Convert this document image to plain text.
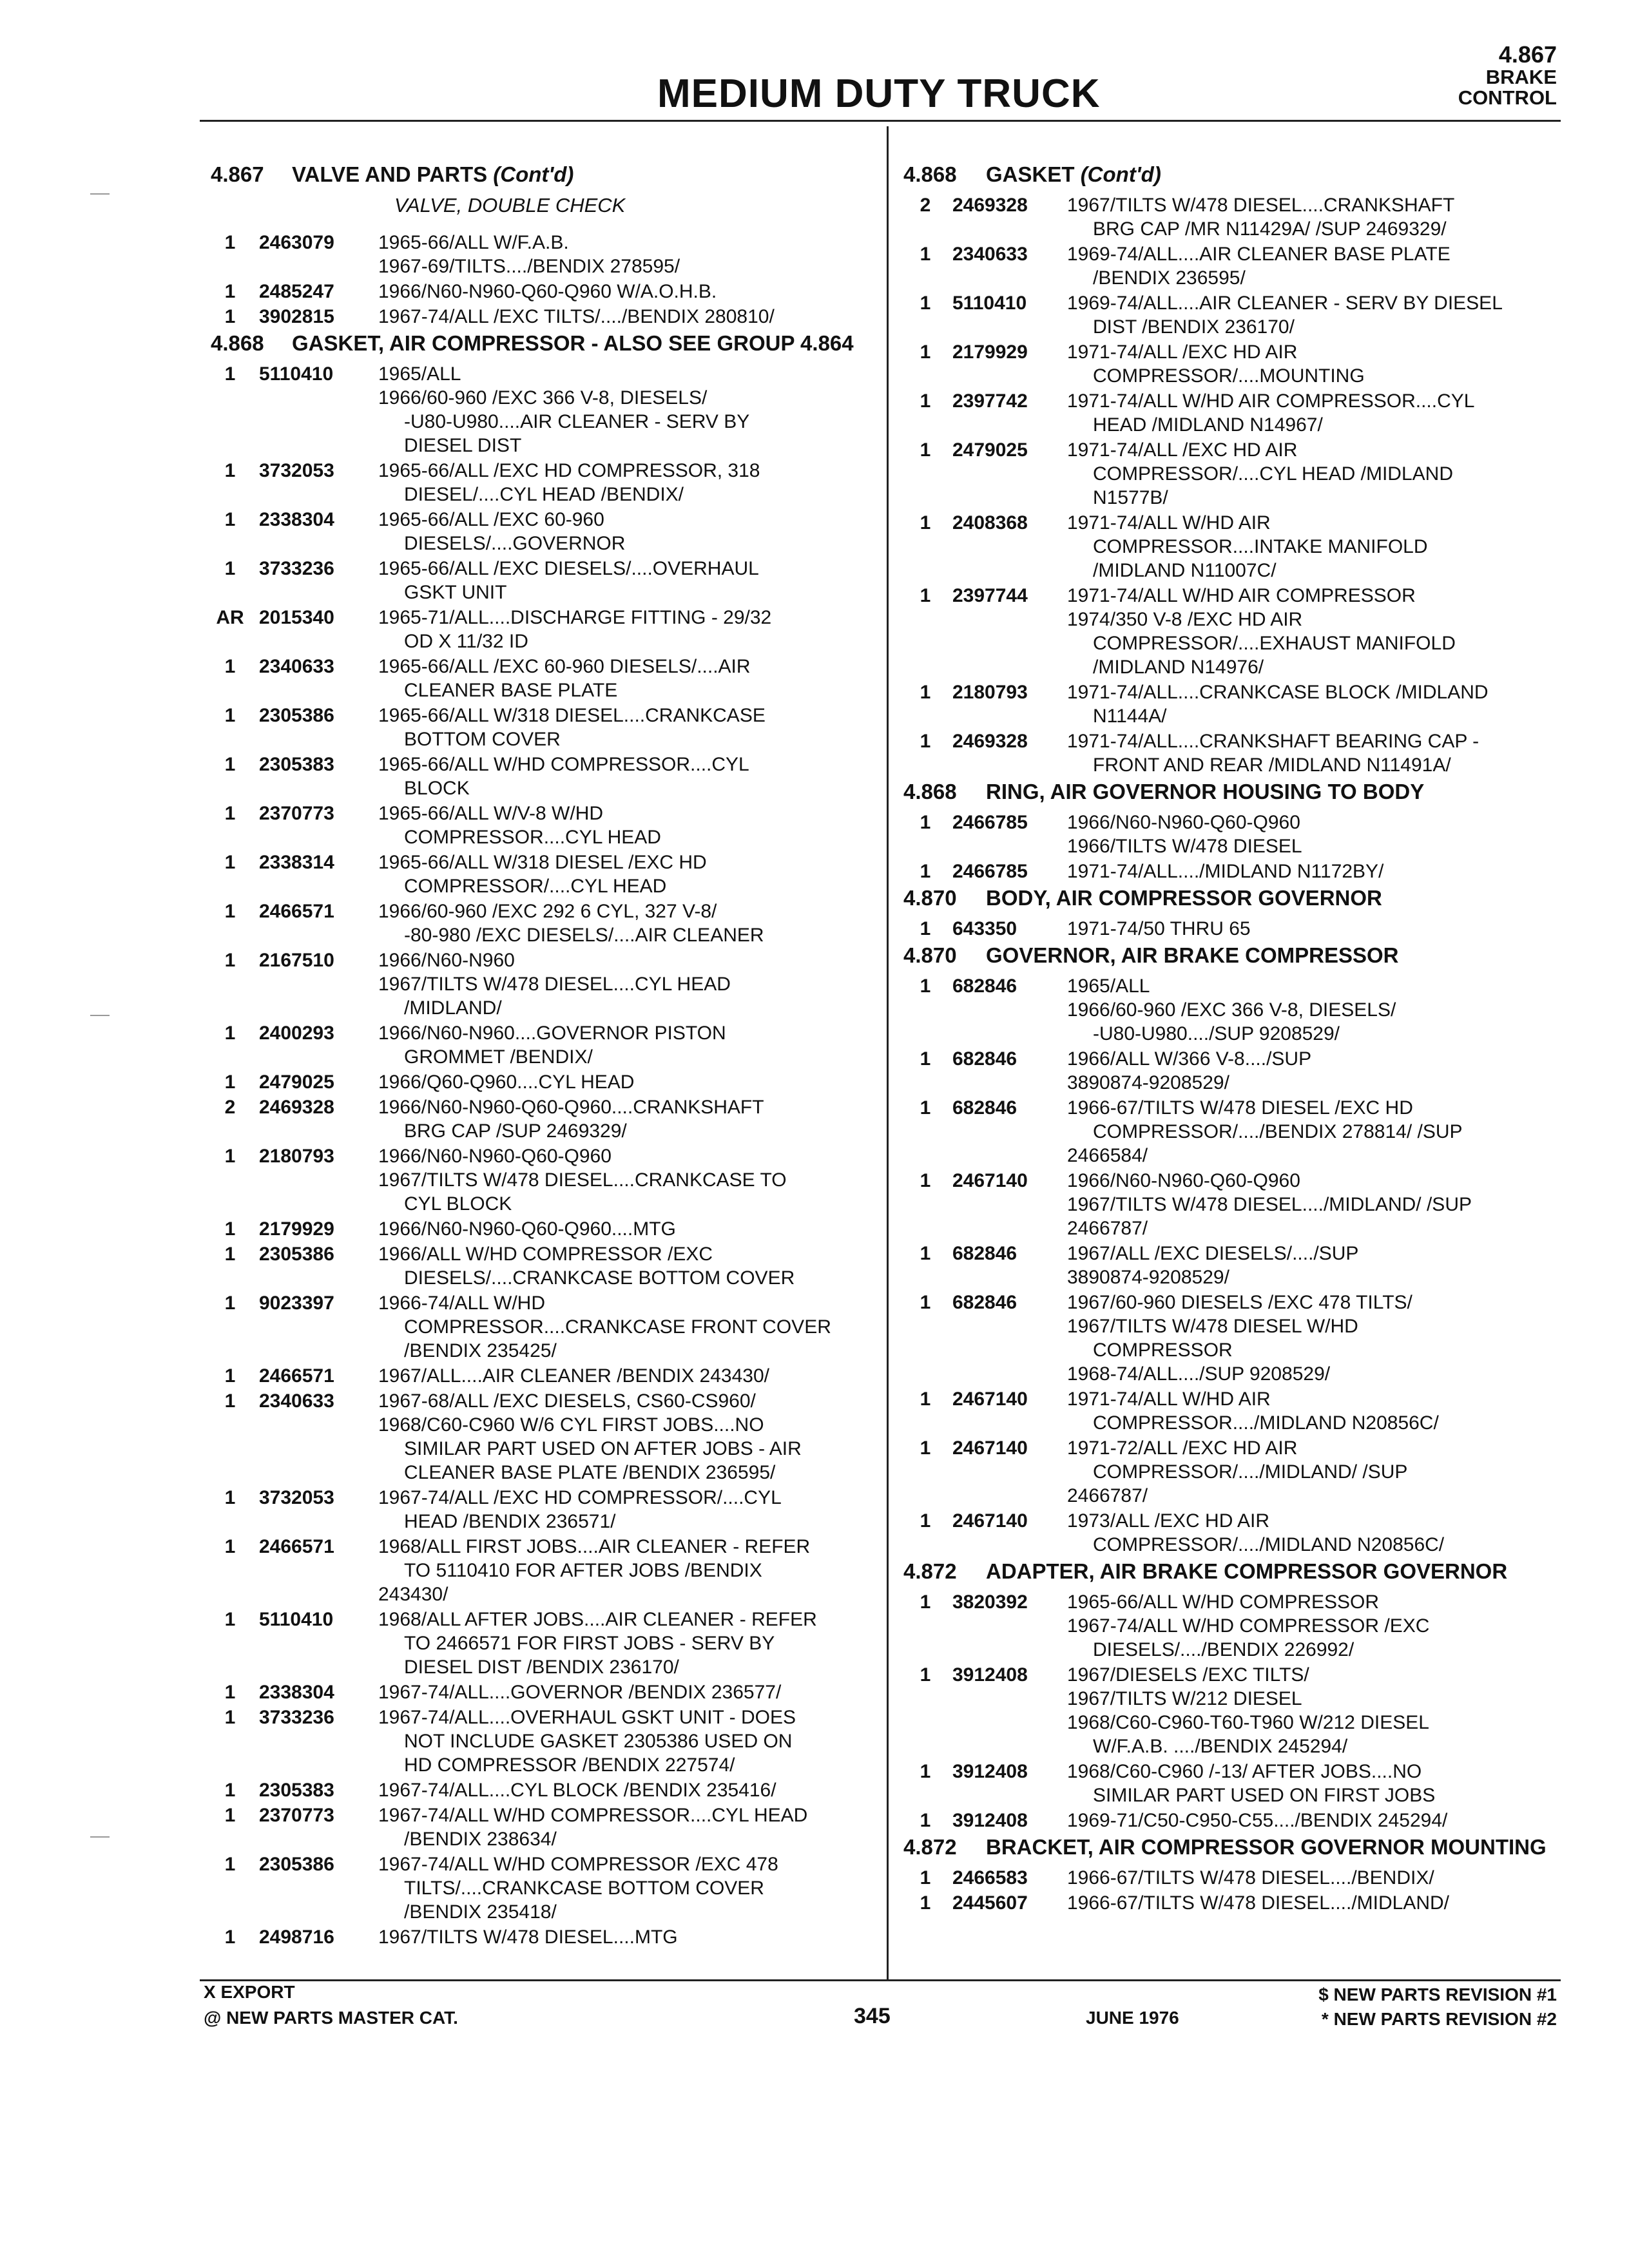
MEDIUM DUTY TRUCK
4.867
BRAKE
CONTROL
4.867	VALVE AND PARTS (Cont'd)
VALVE, DOUBLE CHECK
1	2463079	1965-66/ALL W/F.A.B.
1967-69/TILTS..../BENDIX 278595/
1	2485247	1966/N60-N960-Q60-Q960 W/A.O.H.B.
1	3902815	1967-74/ALL /EXC TILTS/..../BENDIX 280810/
4.868	GASKET, AIR COMPRESSOR - ALSO SEE GROUP 4.864
1	5110410	1965/ALL
1966/60-960 /EXC 366 V-8, DIESELS/
-U80-U980....AIR CLEANER - SERV BY
DIESEL DIST
1	3732053	1965-66/ALL /EXC HD COMPRESSOR, 318
DIESEL/....CYL HEAD /BENDIX/
1	2338304	1965-66/ALL /EXC 60-960
DIESELS/....GOVERNOR
1	3733236	1965-66/ALL /EXC DIESELS/....OVERHAUL
GSKT UNIT
AR 2015340	1965-71/ALL....DISCHARGE FITTING - 29/32
OD X 11/32 ID
1	2340633	1965-66/ALL /EXC 60-960 DIESELS/....AIR
CLEANER BASE PLATE
1	2305386	1965-66/ALL W/318 DIESEL....CRANKCASE
BOTTOM COVER
1	2305383	1965-66/ALL W/HD COMPRESSOR....CYL
BLOCK
1	2370773	1965-66/ALL W/V-8 W/HD
COMPRESSOR....CYL HEAD
1	2338314	1965-66/ALL W/318 DIESEL /EXC HD
COMPRESSOR/....CYL HEAD
1	2466571	1966/60-960 /EXC 292 6 CYL, 327 V-8/
-80-980 /EXC DIESELS/....AIR CLEANER
1	2167510	1966/N60-N960
1967/TILTS W/478 DIESEL....CYL HEAD
/MIDLAND/
1	2400293	1966/N60-N960....GOVERNOR PISTON
GROMMET /BENDIX/
1	2479025	1966/Q60-Q960....CYL HEAD
2	2469328	1966/N60-N960-Q60-Q960....CRANKSHAFT
BRG CAP /SUP 2469329/
1	2180793	1966/N60-N960-Q60-Q960
1967/TILTS W/478 DIESEL....CRANKCASE TO
CYL BLOCK
1	2179929	1966/N60-N960-Q60-Q960....MTG
1	2305386	1966/ALL W/HD COMPRESSOR /EXC
DIESELS/....CRANKCASE BOTTOM COVER
1	9023397	1966-74/ALL W/HD
COMPRESSOR....CRANKCASE FRONT COVER
/BENDIX 235425/
1	2466571	1967/ALL....AIR CLEANER /BENDIX 243430/
1	2340633	1967-68/ALL /EXC DIESELS, CS60-CS960/
1968/C60-C960 W/6 CYL FIRST JOBS....NO
SIMILAR PART USED ON AFTER JOBS - AIR
CLEANER BASE PLATE /BENDIX 236595/
1	3732053	1967-74/ALL /EXC HD COMPRESSOR/....CYL
HEAD /BENDIX 236571/
1	2466571	1968/ALL FIRST JOBS....AIR CLEANER - REFER
TO 5110410 FOR AFTER JOBS /BENDIX
243430/
1	5110410	1968/ALL AFTER JOBS....AIR CLEANER - REFER
TO 2466571 FOR FIRST JOBS - SERV BY
DIESEL DIST /BENDIX 236170/
1	2338304	1967-74/ALL....GOVERNOR /BENDIX 236577/
1	3733236	1967-74/ALL....OVERHAUL GSKT UNIT - DOES
NOT INCLUDE GASKET 2305386 USED ON
HD COMPRESSOR /BENDIX 227574/
1	2305383	1967-74/ALL....CYL BLOCK /BENDIX 235416/
1	2370773	1967-74/ALL W/HD COMPRESSOR....CYL HEAD
/BENDIX 238634/
1	2305386	1967-74/ALL W/HD COMPRESSOR /EXC 478
TILTS/....CRANKCASE BOTTOM COVER
/BENDIX 235418/
1	2498716	1967/TILTS W/478 DIESEL....MTG
4.868	GASKET (Cont'd)
2	2469328	1967/TILTS W/478 DIESEL....CRANKSHAFT
BRG CAP /MR N11429A/ /SUP 2469329/
1	2340633	1969-74/ALL....AIR CLEANER BASE PLATE
/BENDIX 236595/
1	5110410	1969-74/ALL....AIR CLEANER - SERV BY DIESEL
DIST /BENDIX 236170/
1	2179929	1971-74/ALL /EXC HD AIR
COMPRESSOR/....MOUNTING
1	2397742	1971-74/ALL W/HD AIR COMPRESSOR....CYL
HEAD /MIDLAND N14967/
1	2479025	1971-74/ALL /EXC HD AIR
COMPRESSOR/....CYL HEAD /MIDLAND
N1577B/
1	2408368	1971-74/ALL W/HD AIR
COMPRESSOR....INTAKE MANIFOLD
/MIDLAND N11007C/
1	2397744	1971-74/ALL W/HD AIR COMPRESSOR
1974/350 V-8 /EXC HD AIR
COMPRESSOR/....EXHAUST MANIFOLD
/MIDLAND N14976/
1	2180793	1971-74/ALL....CRANKCASE BLOCK /MIDLAND
N1144A/
1	2469328	1971-74/ALL....CRANKSHAFT BEARING CAP -
FRONT AND REAR /MIDLAND N11491A/
4.868	RING, AIR GOVERNOR HOUSING TO BODY
1	2466785	1966/N60-N960-Q60-Q960
1966/TILTS W/478 DIESEL
1	2466785	1971-74/ALL..../MIDLAND N1172BY/
4.870	BODY, AIR COMPRESSOR GOVERNOR
1	643350	1971-74/50 THRU 65
4.870	GOVERNOR, AIR BRAKE COMPRESSOR
1	682846	1965/ALL
1966/60-960 /EXC 366 V-8, DIESELS/
-U80-U980..../SUP 9208529/
1	682846	1966/ALL W/366 V-8..../SUP
3890874-9208529/
1	682846	1966-67/TILTS W/478 DIESEL /EXC HD
COMPRESSOR/..../BENDIX 278814/ /SUP
2466584/
1	2467140	1966/N60-N960-Q60-Q960
1967/TILTS W/478 DIESEL..../MIDLAND/ /SUP
2466787/
1	682846	1967/ALL /EXC DIESELS/..../SUP
3890874-9208529/
1	682846	1967/60-960 DIESELS /EXC 478 TILTS/
1967/TILTS W/478 DIESEL W/HD
COMPRESSOR
1968-74/ALL..../SUP 9208529/
1	2467140	1971-74/ALL W/HD AIR
COMPRESSOR..../MIDLAND N20856C/
1	2467140	1971-72/ALL /EXC HD AIR
COMPRESSOR/..../MIDLAND/ /SUP
2466787/
1	2467140	1973/ALL /EXC HD AIR
COMPRESSOR/..../MIDLAND N20856C/
4.872	ADAPTER, AIR BRAKE COMPRESSOR GOVERNOR
1	3820392	1965-66/ALL W/HD COMPRESSOR
1967-74/ALL W/HD COMPRESSOR /EXC
DIESELS/..../BENDIX 226992/
1	3912408	1967/DIESELS /EXC TILTS/
1967/TILTS W/212 DIESEL
1968/C60-C960-T60-T960 W/212 DIESEL
W/F.A.B. ..../BENDIX 245294/
1	3912408	1968/C60-C960 /-13/ AFTER JOBS....NO
SIMILAR PART USED ON FIRST JOBS
1	3912408	1969-71/C50-C950-C55..../BENDIX 245294/
4.872	BRACKET, AIR COMPRESSOR GOVERNOR MOUNTING
1	2466583	1966-67/TILTS W/478 DIESEL..../BENDIX/
1	2445607	1966-67/TILTS W/478 DIESEL..../MIDLAND/
X EXPORT
@ NEW PARTS MASTER CAT.	345	JUNE 1976
$ NEW PARTS REVISION #1
* NEW PARTS REVISION #2
